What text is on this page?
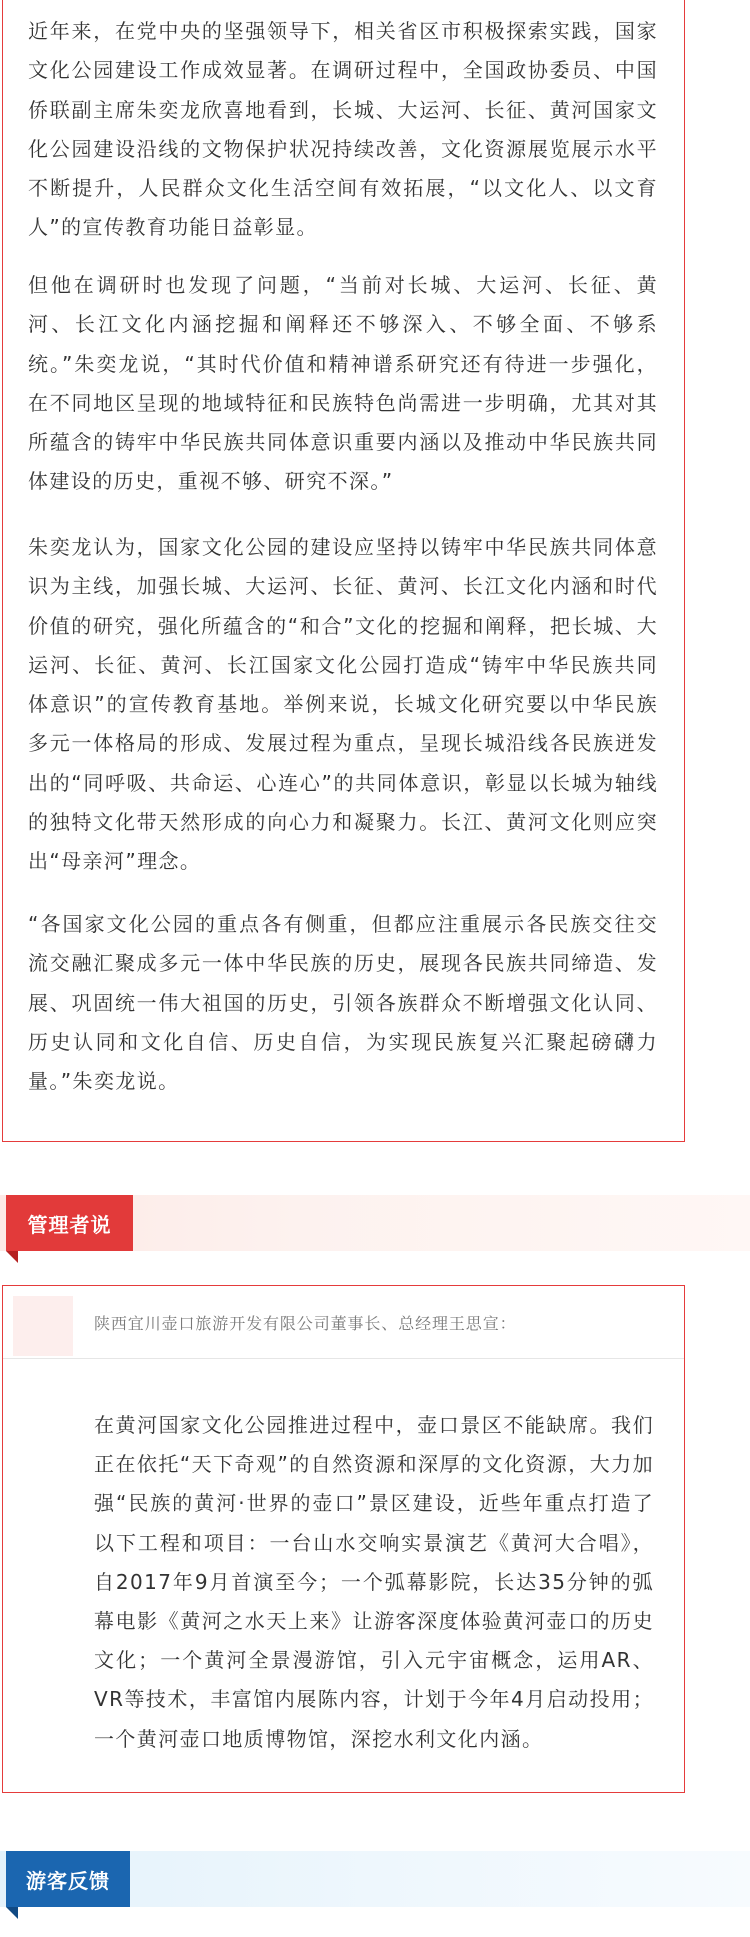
近年来，在党中央的坚强领导下，相关省区市积极探索实践，国家文化公园建设工作成效显著。在调研过程中，全国政协委员、中国侨联副主席朱奕龙欣喜地看到，长城、大运河、长征、黄河国家文化公园建设沿线的文物保护状况持续改善，文化资源展览展示水平不断提升，人民群众文化生活空间有效拓展，“以文化人、以文育人”的宣传教育功能日益彰显。

但他在调研时也发现了问题，“当前对长城、大运河、长征、黄河、长江文化内涵挖掘和阐释还不够深入、不够全面、不够系统。”朱奕龙说，“其时代价值和精神谱系研究还有待进一步强化，在不同地区呈现的地域特征和民族特色尚需进一步明确，尤其对其所蕴含的铸牢中华民族共同体意识重要内涵以及推动中华民族共同体建设的历史，重视不够、研究不深。”

朱奕龙认为，国家文化公园的建设应坚持以铸牢中华民族共同体意识为主线，加强长城、大运河、长征、黄河、长江文化内涵和时代价值的研究，强化所蕴含的“和合”文化的挖掘和阐释，把长城、大运河、长征、黄河、长江国家文化公园打造成“铸牢中华民族共同体意识”的宣传教育基地。举例来说，长城文化研究要以中华民族多元一体格局的形成、发展过程为重点，呈现长城沿线各民族迸发出的“同呼吸、共命运、心连心”的共同体意识，彰显以长城为轴线的独特文化带天然形成的向心力和凝聚力。长江、黄河文化则应突出“母亲河”理念。

“各国家文化公园的重点各有侧重，但都应注重展示各民族交往交流交融汇聚成多元一体中华民族的历史，展现各民族共同缔造、发展、巩固统一伟大祖国的历史，引领各族群众不断增强文化认同、历史认同和文化自信、历史自信，为实现民族复兴汇聚起磅礴力量。”朱奕龙说。

管理者说

陕西宜川壶口旅游开发有限公司董事长、总经理王思宣：

在黄河国家文化公园推进过程中，壶口景区不能缺席。我们正在依托“天下奇观”的自然资源和深厚的文化资源，大力加强“民族的黄河·世界的壶口”景区建设，近些年重点打造了以下工程和项目：一台山水交响实景演艺《黄河大合唱》，自2017年9月首演至今；一个弧幕影院，长达35分钟的弧幕电影《黄河之水天上来》让游客深度体验黄河壶口的历史文化；一个黄河全景漫游馆，引入元宇宙概念，运用AR、VR等技术，丰富馆内展陈内容，计划于今年4月启动投用；一个黄河壶口地质博物馆，深挖水利文化内涵。

游客反馈
